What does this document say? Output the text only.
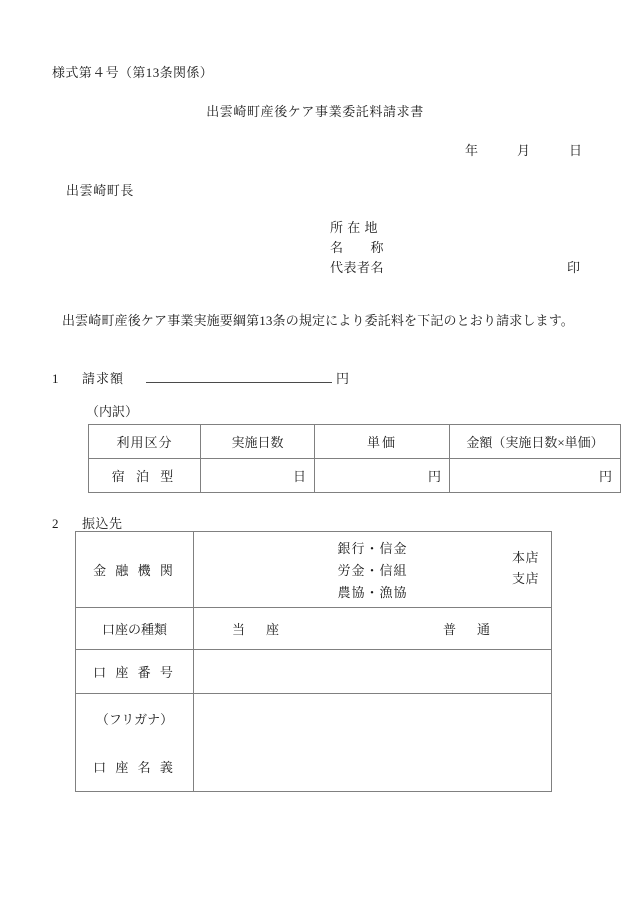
様式第４号（第13条関係）
出雲崎町産後ケア事業委託料請求書
年　　　月　　　日
出雲崎町長
所 在 地
名　　称
代表者名	印
出雲崎町産後ケア事業実施要綱第13条の規定により委託料を下記のとおり請求します。
1	請求額	円
（内訳）
利用区分	実施日数	単価	金額（実施日数×単価）
宿 泊 型	日	円	円
2	振込先
金 融 機 関	銀行・信金
労金・信組
農協・漁協
本店
支店

口座の種類	当　座 普　通

口 座 番 号	

（フリガナ）
口 座 名 義	
